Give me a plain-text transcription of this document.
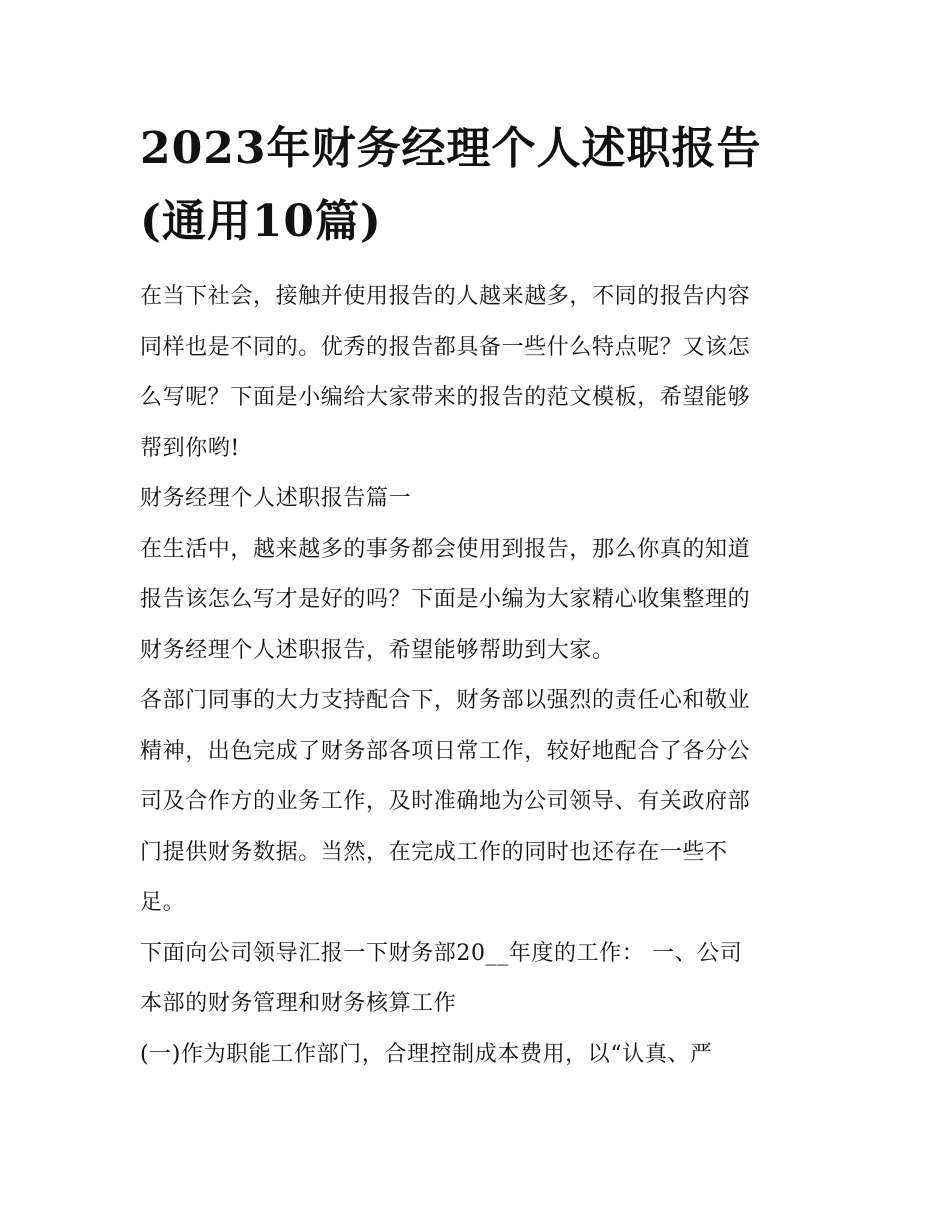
2023年财务经理个人述职报告
(通用10篇)
在当下社会，接触并使用报告的人越来越多，不同的报告内容
同样也是不同的。优秀的报告都具备一些什么特点呢？又该怎
么写呢？下面是小编给大家带来的报告的范文模板，希望能够
帮到你哟!
财务经理个人述职报告篇一
在生活中，越来越多的事务都会使用到报告，那么你真的知道
报告该怎么写才是好的吗？下面是小编为大家精心收集整理的
财务经理个人述职报告，希望能够帮助到大家。
各部门同事的大力支持配合下，财务部以强烈的责任心和敬业
精神，出色完成了财务部各项日常工作，较好地配合了各分公
司及合作方的业务工作，及时准确地为公司领导、有关政府部
门提供财务数据。当然，在完成工作的同时也还存在一些不
足。
下面向公司领导汇报一下财务部20__年度的工作： 一、公司
本部的财务管理和财务核算工作
(一)作为职能工作部门，合理控制成本费用，以“认真、严
